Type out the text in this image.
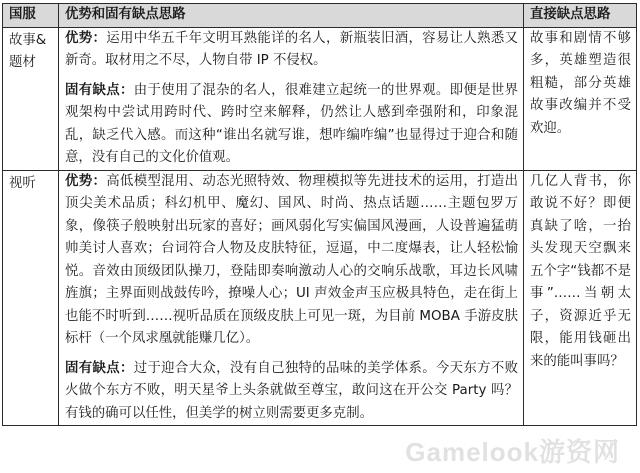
国服	优势和固有缺点思路	直接缺点思路
故事&题材	优势：运用中华五千年文明耳熟能详的名人，新瓶装旧酒，容易让人熟悉又新奇。取材用之不尽，人物自带 IP 不侵权。

固有缺点：由于使用了混杂的名人，很难建立起统一的世界观。即便是世界观架构中尝试用跨时代、跨时空来解释，仍然让人感到牵强附和，印象混乱，缺乏代入感。而这种“谁出名就写谁，想咋编咋编”也显得过于迎合和随意，没有自己的文化价值观。	故事和剧情不够多，英雄塑造很粗糙，部分英雄故事改编并不受欢迎。
视听	优势：高低模型混用、动态光照特效、物理模拟等先进技术的运用，打造出顶尖美术品质；科幻机甲、魔幻、国风、时尚、热点话题……主题包罗万象，像筷子般映射出玩家的喜好；画风弱化写实偏国风漫画，人设普遍猛萌帅美讨人喜欢；台词符合人物及皮肤特征，逗逼，中二度爆表，让人轻松愉悦。音效由顶级团队操刀，登陆即奏响激动人心的交响乐战歌，耳边长风啸旌旗；主界面则战鼓传吟，撩噪人心；UI 声效金声玉应极具特色，走在街上也能不时听到……视听品质在顶级皮肤上可见一斑，为目前 MOBA 手游皮肤标杆（一个凤求凰就能赚几亿）。

固有缺点：过于迎合大众，没有自己独特的品味的美学体系。今天东方不败火做个东方不败，明天星爷上头条就做至尊宝，敢问这在开公交 Party 吗？有钱的确可以任性，但美学的树立则需要更多克制。	几亿人背书，你敢说不好？即便真缺了啥，一抬头发现天空飘来五个字“钱都不是事”……当朝太子，资源近乎无限，能用钱砸出来的能叫事吗？
Gamelook游资网
